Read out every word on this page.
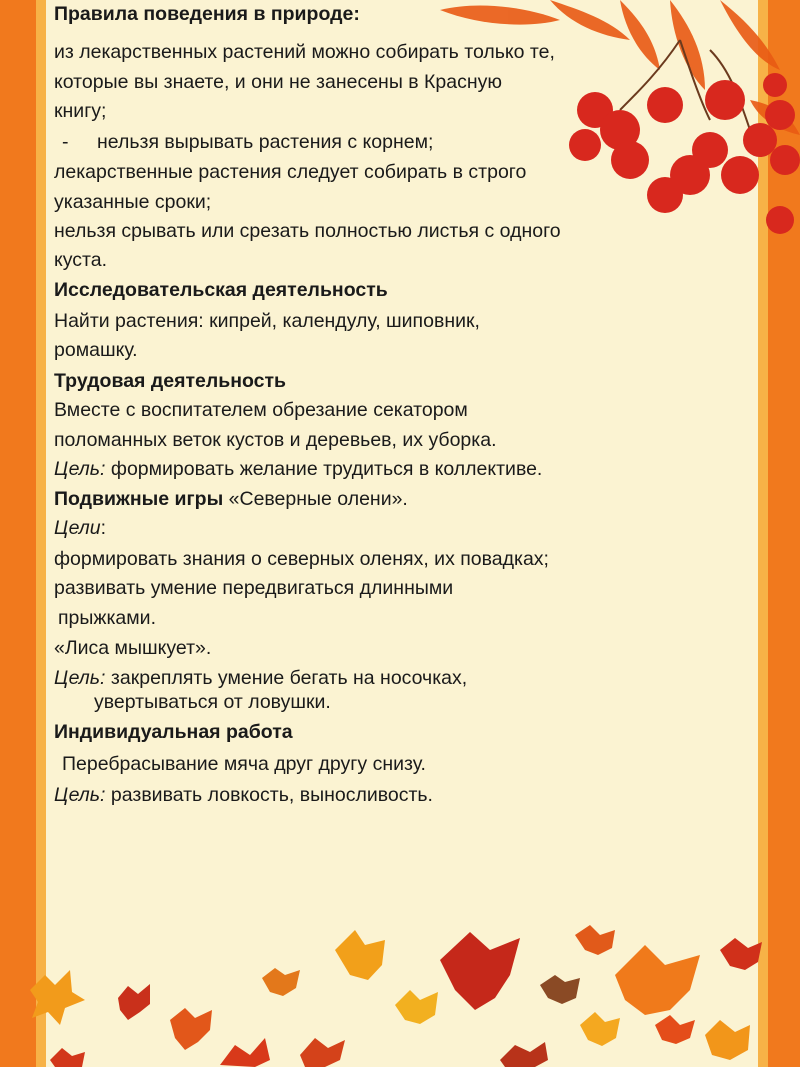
Правила поведения в природе:
из лекарственных растений можно собирать только те,
которые вы знаете, и они не занесены в Красную
книгу;
- нельзя вырывать растения с корнем;
лекарственные растения следует собирать в строго
указанные сроки;
нельзя срывать или срезать полностью листья с одного
куста.
Исследовательская деятельность
Найти растения: кипрей, календулу, шиповник,
ромашку.
Трудовая деятельность
Вместе с воспитателем обрезание секатором
поломанных веток кустов и деревьев, их уборка.
Цель: формировать желание трудиться в коллективе.
Подвижные игры «Северные олени».
Цели:
формировать знания о северных оленях, их повадках;
развивать умение передвигаться длинными
прыжками.
«Лиса мышкует».
Цель: закреплять умение бегать на носочках,
увертываться от ловушки.
Индивидуальная работа
Перебрасывание мяча друг другу снизу.
Цель: развивать ловкость, выносливость.
